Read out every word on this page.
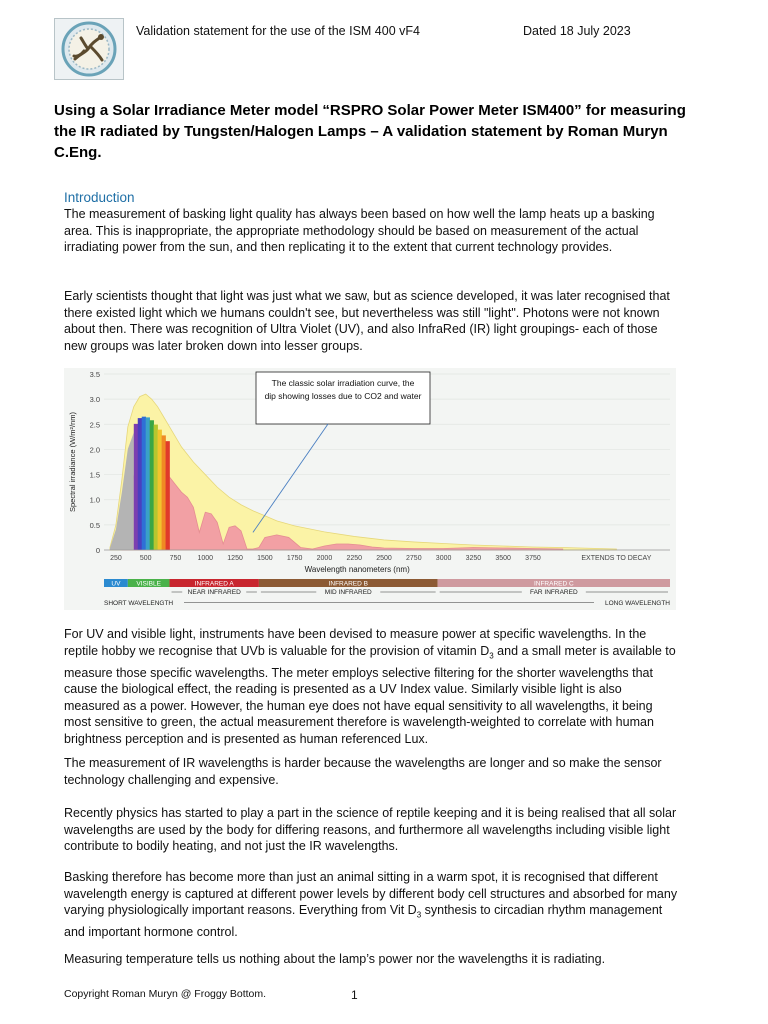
Validation statement for the use of the ISM 400 vF4	Dated 18 July 2023
Using a Solar Irradiance Meter model “RSPRO Solar Power Meter ISM400” for measuring the IR radiated by Tungsten/Halogen Lamps – A validation statement by Roman Muryn C.Eng.
Introduction
The measurement of basking light quality has always been based on how well the lamp heats up a basking area. This is inappropriate, the appropriate methodology should be based on measurement of the actual irradiating power from the sun, and then replicating it to the extent that current technology provides.
Early scientists thought that light was just what we saw, but as science developed, it was later recognised that there existed light which we humans couldn't see, but nevertheless was still "light". Photons were not known about then. There was recognition of Ultra Violet (UV), and also InfraRed (IR) light groupings- each of those new groups was later broken down into lesser groups.
UV VISIBLE	INFRARED A	INFRARED B	INFRARED C
NEAR INFRARED	MID INFRARED	FAR INFRARED
SHORT WAVELENGTH	LONG WAVELENGTH
0
0.5
1.0
1.5
2.0
2.5
3.0
3.5
250	500	750 1000 1250 1500 1750 2000 2250 2500 2750 3000 3250 3500 3750	EXTENDS TO DECAY
Wavelength nanometers (nm)
Spectral irradiance (W/m²/nm)
The classic solar irradiation curve, the dip showing losses due to CO2 and water
For UV and visible light, instruments have been devised to measure power at specific wavelengths. In the reptile hobby we recognise that UVb is valuable for the provision of vitamin $D_3$ and a small meter is available to measure those specific wavelengths. The meter employs selective filtering for the shorter wavelengths that cause the biological effect, the reading is presented as a UV Index value. Similarly visible light is also measured as a power. However, the human eye does not have equal sensitivity to all wavelengths, it being most sensitive to green, the actual measurement therefore is wavelength-weighted to correlate with human brightness perception and is presented as human referenced Lux.
The measurement of IR wavelengths is harder because the wavelengths are longer and so make the sensor technology challenging and expensive.
Recently physics has started to play a part in the science of reptile keeping and it is being realised that all solar wavelengths are used by the body for differing reasons, and furthermore all wavelengths including visible light contribute to bodily heating, and not just the IR wavelengths.
Basking therefore has become more than just an animal sitting in a warm spot, it is recognised that different wavelength energy is captured at different power levels by different body cell structures and absorbed for many varying physiologically important reasons. Everything from Vit $D_3$ synthesis to circadian rhythm management and important hormone control.
Measuring temperature tells us nothing about the lamp’s power nor the wavelengths it is radiating.
Copyright Roman Muryn @ Froggy Bottom.	1
